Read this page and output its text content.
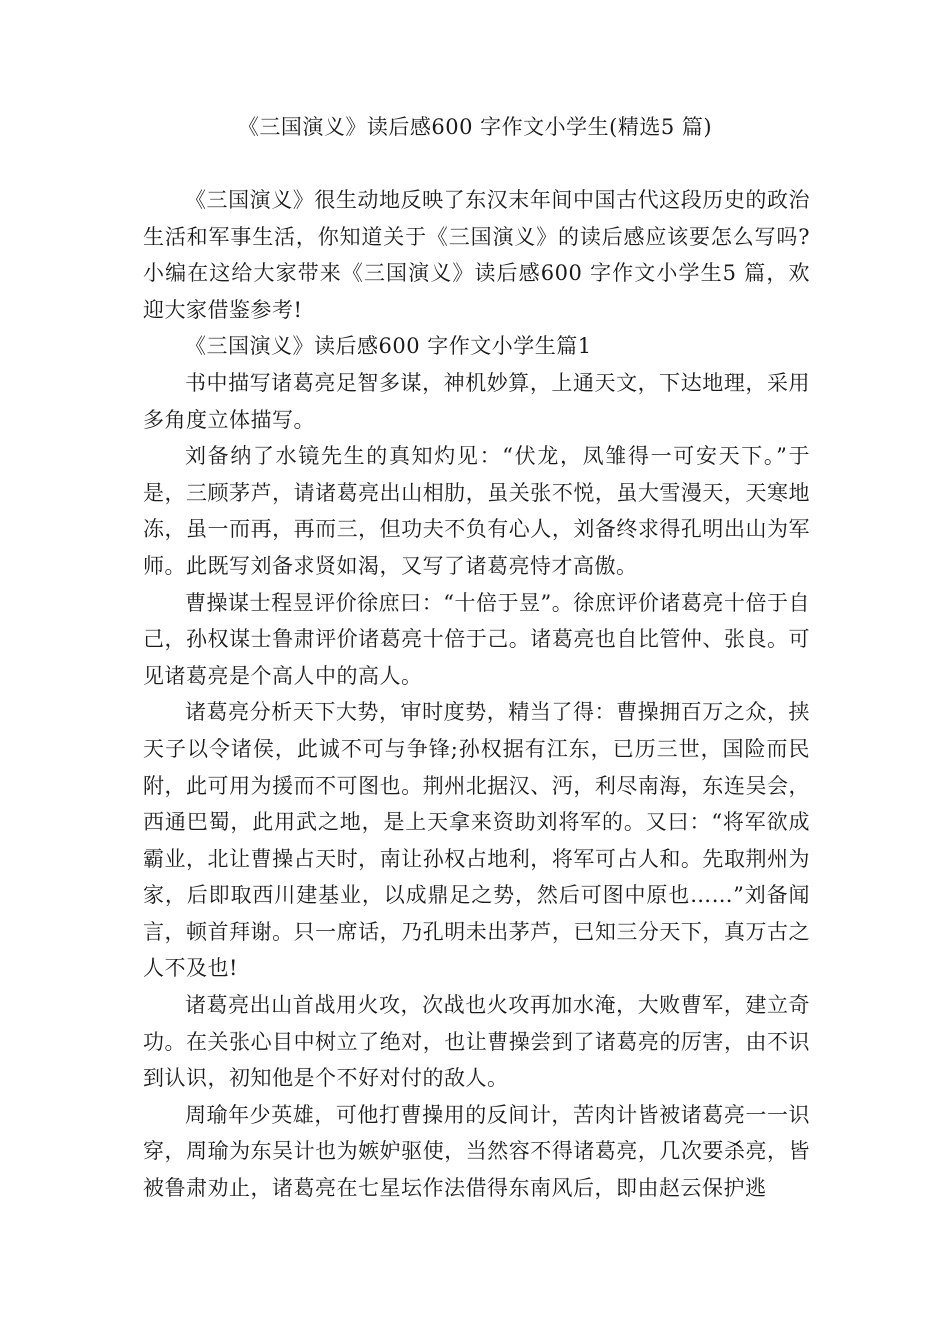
《三国演义》读后感600 字作文小学生(精选5 篇)

《三国演义》很生动地反映了东汉末年间中国古代这段历史的政治生活和军事生活，你知道关于《三国演义》的读后感应该要怎么写吗?小编在这给大家带来《三国演义》读后感600 字作文小学生5 篇，欢迎大家借鉴参考!

《三国演义》读后感600 字作文小学生篇1

书中描写诸葛亮足智多谋，神机妙算，上通天文，下达地理，采用多角度立体描写。

刘备纳了水镜先生的真知灼见：“伏龙，凤雏得一可安天下。”于是，三顾茅芦，请诸葛亮出山相肋，虽关张不悦，虽大雪漫天，天寒地冻，虽一而再，再而三，但功夫不负有心人，刘备终求得孔明出山为军师。此既写刘备求贤如渴，又写了诸葛亮恃才高傲。

曹操谋士程昱评价徐庶曰：“十倍于昱”。徐庶评价诸葛亮十倍于自己，孙权谋士鲁肃评价诸葛亮十倍于己。诸葛亮也自比管仲、张良。可见诸葛亮是个高人中的高人。

诸葛亮分析天下大势，审时度势，精当了得：曹操拥百万之众，挟天子以令诸侯，此诚不可与争锋;孙权据有江东，已历三世，国险而民附，此可用为援而不可图也。荆州北据汉、沔，利尽南海，东连吴会，西通巴蜀，此用武之地，是上天拿来资助刘将军的。又曰：“将军欲成霸业，北让曹操占天时，南让孙权占地利，将军可占人和。先取荆州为家，后即取西川建基业，以成鼎足之势，然后可图中原也……”刘备闻言，顿首拜谢。只一席话，乃孔明未出茅芦，已知三分天下，真万古之人不及也!

诸葛亮出山首战用火攻，次战也火攻再加水淹，大败曹军，建立奇功。在关张心目中树立了绝对，也让曹操尝到了诸葛亮的厉害，由不识到认识，初知他是个不好对付的敌人。

周瑜年少英雄，可他打曹操用的反间计，苦肉计皆被诸葛亮一一识穿，周瑜为东吴计也为嫉妒驱使，当然容不得诸葛亮，几次要杀亮，皆被鲁肃劝止，诸葛亮在七星坛作法借得东南风后，即由赵云保护逃
